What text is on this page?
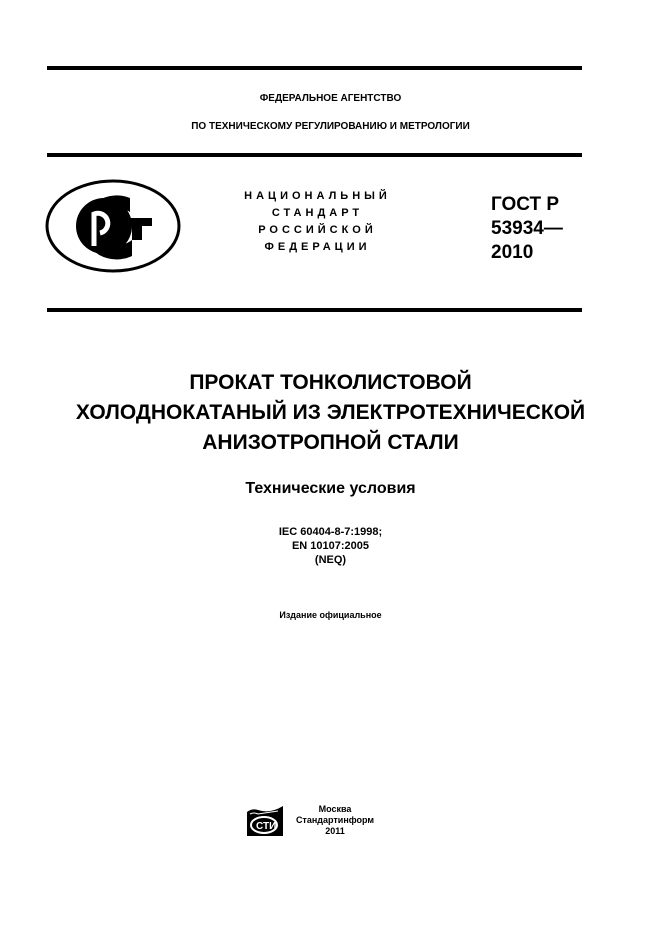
ФЕДЕРАЛЬНОЕ АГЕНТСТВО
ПО ТЕХНИЧЕСКОМУ РЕГУЛИРОВАНИЮ И МЕТРОЛОГИИ
НАЦИОНАЛЬНЫЙ
СТАНДАРТ
РОССИЙСКОЙ
ФЕДЕРАЦИИ
ГОСТ Р
53934—
2010
ПРОКАТ ТОНКОЛИСТОВОЙ
ХОЛОДНОКАТАНЫЙ ИЗ ЭЛЕКТРОТЕХНИЧЕСКОЙ
АНИЗОТРОПНОЙ СТАЛИ
Технические условия
IEC 60404-8-7:1998;
EN 10107:2005
(NEQ)
Издание официальное
СТИ
Москва
Стандартинформ
2011
